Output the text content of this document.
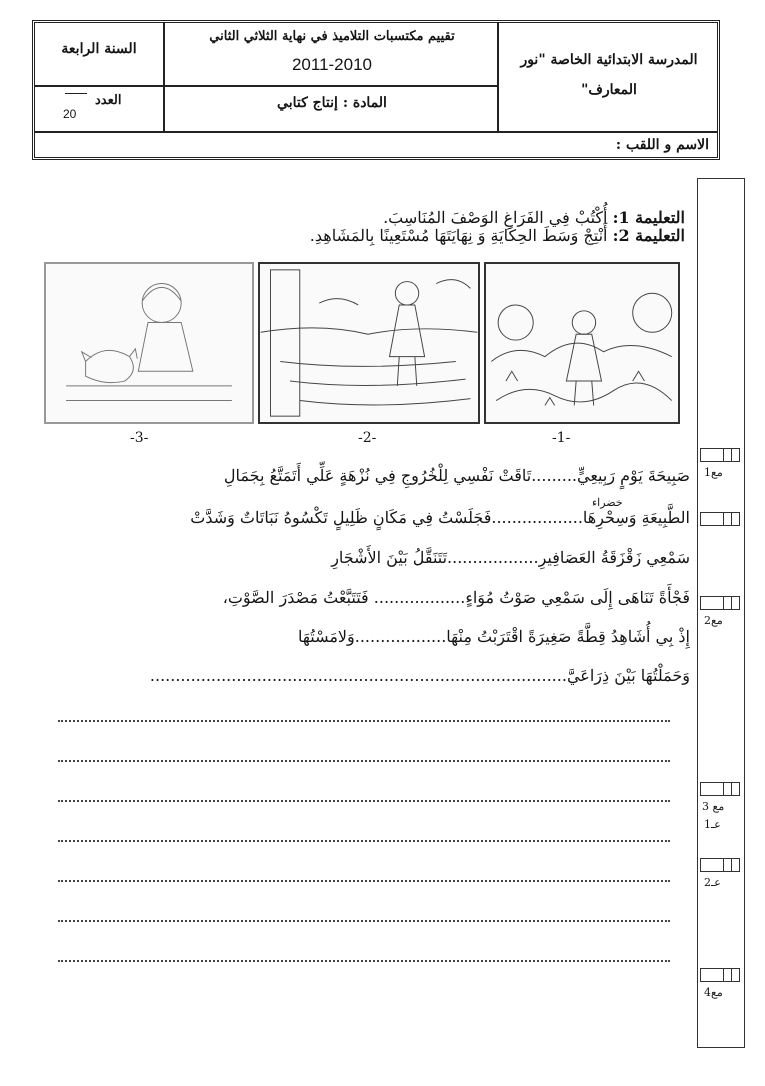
المدرسة الابتدائية الخاصة "نور
المعارف"
تقييم مكتسبات التلاميذ في نهاية الثلاثي الثاني
2011-2010
المادة : إنتاج كتابي
السنة الرابعة
العدد
20
الاسم و اللقب :
مع1
مع2
مع 3
عـ1
عـ2
مع4
التعليمة 1: أُكْتُبْ فِي الفَرَاغِ الوَصْفَ المُنَاسِبَ.
التعليمة 2: أَنْتِجْ وَسَطَ الحِكَايَةِ وَ نِهَايَتَهَا مُسْتَعِينًا بِالمَشَاهِدِ.
-1-
-2-
-3-
صَبِيحَةَ يَوْمٍ رَبِيعِيٍّ.........تَاقَتْ نَفْسِي لِلْخُرُوجِ فِي نُزْهَةٍ عَلِّي أَتَمَتَّعُ بِجَمَالِ
خضراء
الطَّبِيعَةِ وَسِحْرِهَا..................فَجَلَسْتُ فِي مَكَانٍ ظَلِيلٍ تَكْسُوهُ نَبَاتَاتٌ وَشَدَّتْ
سَمْعِي زَقْزَقَةُ العَصَافِيرِ..................تَتَنَقَّلُ بَيْنَ الأَشْجَارِ
فَجْأَةً تَنَاهَى إِلَى سَمْعِي صَوْتُ مُوَاءٍ.................. فَتَتَبَّعْتُ مَصْدَرَ الصَّوْتِ،
إِذْ بِي أُشَاهِدُ قِطَّةً صَغِيرَةً اقْتَرَبْتُ مِنْهَا..................وَلامَسْتُهَا
وَحَمَلْتُهَا بَيْنَ ذِرَاعَيَّ..................................................................................
